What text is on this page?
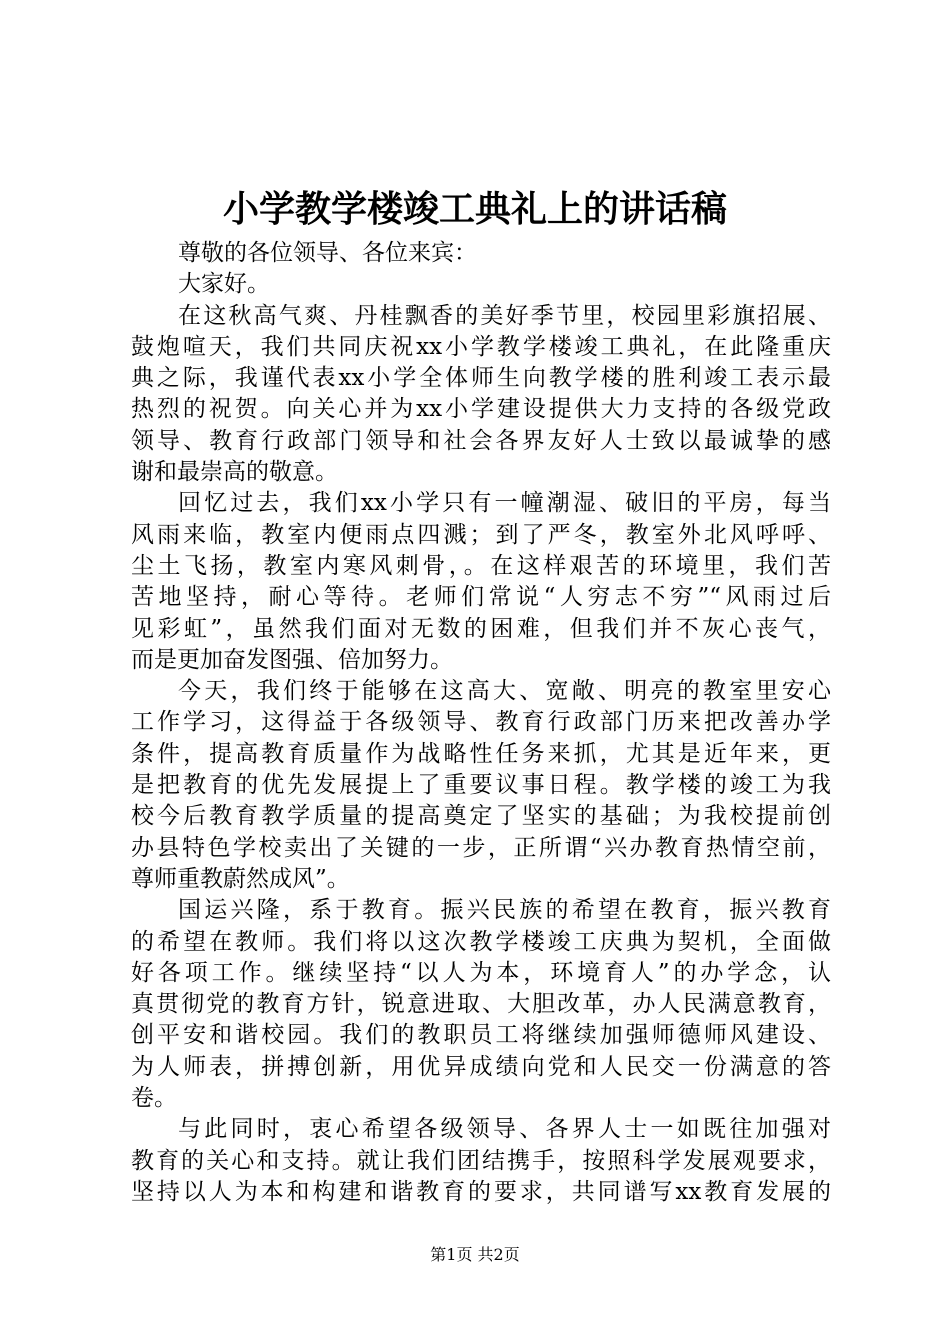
小学教学楼竣工典礼上的讲话稿
尊敬的各位领导、各位来宾：
大家好。
在这秋高气爽、丹桂飘香的美好季节里，校园里彩旗招展、
鼓炮喧天，我们共同庆祝xx小学教学楼竣工典礼，在此隆重庆
典之际，我谨代表xx小学全体师生向教学楼的胜利竣工表示最
热烈的祝贺。向关心并为xx小学建设提供大力支持的各级党政
领导、教育行政部门领导和社会各界友好人士致以最诚挚的感
谢和最崇高的敬意。
回忆过去，我们xx小学只有一幢潮湿、破旧的平房，每当
风雨来临，教室内便雨点四溅；到了严冬，教室外北风呼呼、
尘土飞扬，教室内寒风刺骨，。在这样艰苦的环境里，我们苦
苦地坚持，耐心等待。老师们常说“人穷志不穷”“风雨过后
见彩虹”，虽然我们面对无数的困难，但我们并不灰心丧气，
而是更加奋发图强、倍加努力。
今天，我们终于能够在这高大、宽敞、明亮的教室里安心
工作学习，这得益于各级领导、教育行政部门历来把改善办学
条件，提高教育质量作为战略性任务来抓，尤其是近年来，更
是把教育的优先发展提上了重要议事日程。教学楼的竣工为我
校今后教育教学质量的提高奠定了坚实的基础；为我校提前创
办县特色学校卖出了关键的一步，正所谓“兴办教育热情空前，
尊师重教蔚然成风”。
国运兴隆，系于教育。振兴民族的希望在教育，振兴教育
的希望在教师。我们将以这次教学楼竣工庆典为契机，全面做
好各项工作。继续坚持“以人为本，环境育人”的办学念，认
真贯彻党的教育方针，锐意进取、大胆改革，办人民满意教育，
创平安和谐校园。我们的教职员工将继续加强师德师风建设、
为人师表，拼搏创新，用优异成绩向党和人民交一份满意的答
卷。
与此同时，衷心希望各级领导、各界人士一如既往加强对
教育的关心和支持。就让我们团结携手，按照科学发展观要求，
坚持以人为本和构建和谐教育的要求，共同谱写xx教育发展的
第1页 共2页
